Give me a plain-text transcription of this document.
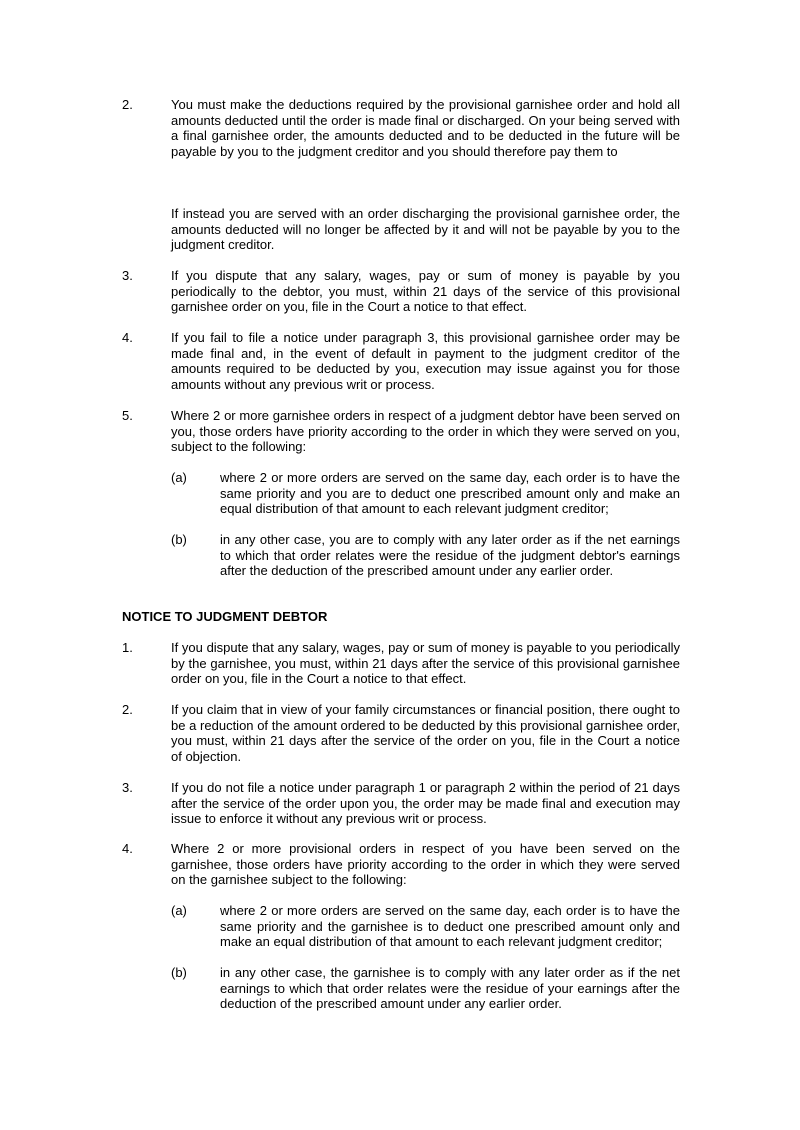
2.	You must make the deductions required by the provisional garnishee order and hold all amounts deducted until the order is made final or discharged. On your being served with a final garnishee order, the amounts deducted and to be deducted in the future will be payable by you to the judgment creditor and you should therefore pay them to
If instead you are served with an order discharging the provisional garnishee order, the amounts deducted will no longer be affected by it and will not be payable by you to the judgment creditor.
3.	If you dispute that any salary, wages, pay or sum of money is payable by you periodically to the debtor, you must, within 21 days of the service of this provisional garnishee order on you, file in the Court a notice to that effect.
4.	If you fail to file a notice under paragraph 3, this provisional garnishee order may be made final and, in the event of default in payment to the judgment creditor of the amounts required to be deducted by you, execution may issue against you for those amounts without any previous writ or process.
5.	Where 2 or more garnishee orders in respect of a judgment debtor have been served on you, those orders have priority according to the order in which they were served on you, subject to the following:
(a)	where 2 or more orders are served on the same day, each order is to have the same priority and you are to deduct one prescribed amount only and make an equal distribution of that amount to each relevant judgment creditor;
(b)	in any other case, you are to comply with any later order as if the net earnings to which that order relates were the residue of the judgment debtor's earnings after the deduction of the prescribed amount under any earlier order.
NOTICE TO JUDGMENT DEBTOR
1.	If you dispute that any salary, wages, pay or sum of money is payable to you periodically by the garnishee, you must, within 21 days after the service of this provisional garnishee order on you, file in the Court a notice to that effect.
2.	If you claim that in view of your family circumstances or financial position, there ought to be a reduction of the amount ordered to be deducted by this provisional garnishee order, you must, within 21 days after the service of the order on you, file in the Court a notice of objection.
3.	If you do not file a notice under paragraph 1 or paragraph 2 within the period of 21 days after the service of the order upon you, the order may be made final and execution may issue to enforce it without any previous writ or process.
4.	Where 2 or more provisional orders in respect of you have been served on the garnishee, those orders have priority according to the order in which they were served on the garnishee subject to the following:
(a)	where 2 or more orders are served on the same day, each order is to have the same priority and the garnishee is to deduct one prescribed amount only and make an equal distribution of that amount to each relevant judgment creditor;
(b)	in any other case, the garnishee is to comply with any later order as if the net earnings to which that order relates were the residue of your earnings after the deduction of the prescribed amount under any earlier order.
